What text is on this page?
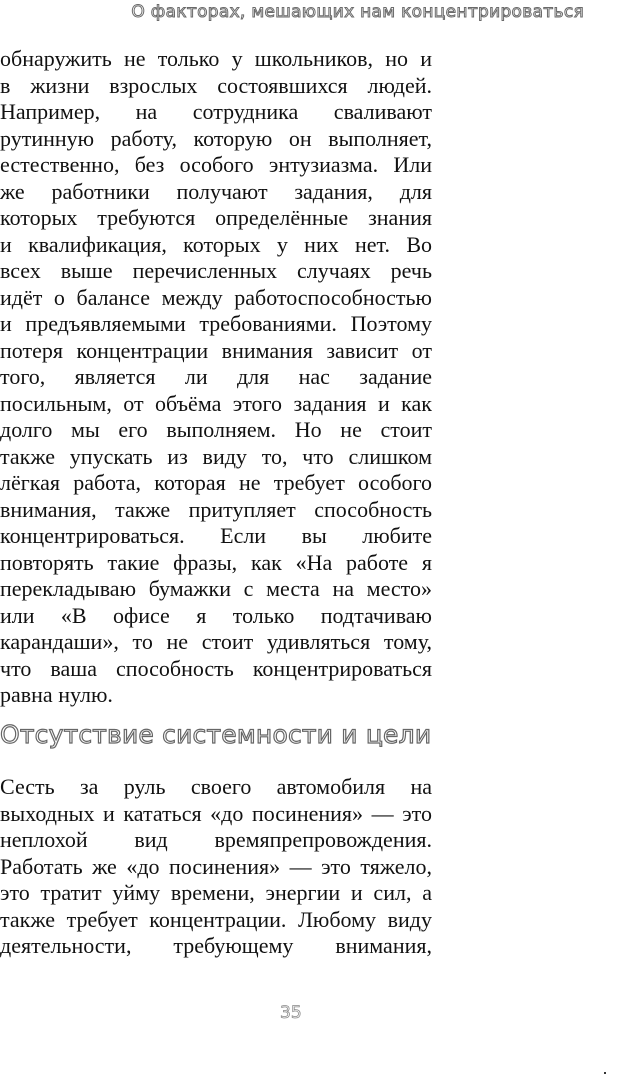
О факторах, мешающих нам концентрироваться
обнаружить не только у школьников, но и
в жизни взрослых состоявшихся людей.
Например, на сотрудника сваливают
рутинную работу, которую он выполняет,
естественно, без особого энтузиазма. Или
же работники получают задания, для
которых требуются определённые знания
и квалификация, которых у них нет. Во
всех выше перечисленных случаях речь
идёт о балансе между работоспособностью
и предъявляемыми требованиями. Поэтому
потеря концентрации внимания зависит от
того, является ли для нас задание
посильным, от объёма этого задания и как
долго мы его выполняем. Но не стоит
также упускать из виду то, что слишком
лёгкая работа, которая не требует особого
внимания, также притупляет способность
концентрироваться. Если вы любите
повторять такие фразы, как «На работе я
перекладываю бумажки с места на место»
или «В офисе я только подтачиваю
карандаши», то не стоит удивляться тому,
что ваша способность концентрироваться
равна нулю.
Отсутствие системности и цели
Сесть за руль своего автомобиля на
выходных и кататься «до посинения» — это
неплохой вид времяпрепровождения.
Работать же «до посинения» — это тяжело,
это тратит уйму времени, энергии и сил, а
также требует концентрации. Любому виду
деятельности, требующему внимания,
35
